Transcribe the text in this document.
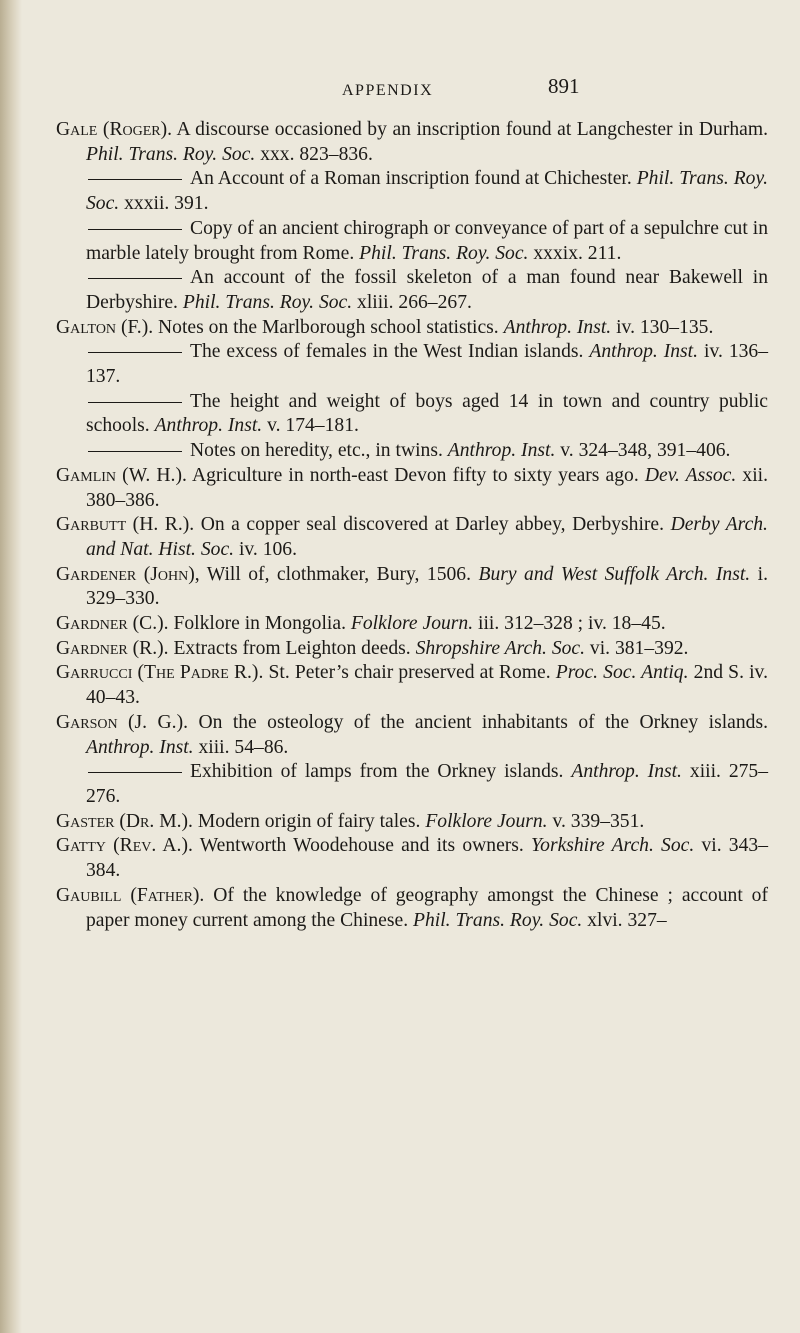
APPENDIX	891

Gale (Roger). A discourse occasioned by an inscription found at Langchester in Durham. Phil. Trans. Roy. Soc. xxx. 823–836.

An Account of a Roman inscription found at Chichester. Phil. Trans. Roy. Soc. xxxii. 391.

Copy of an ancient chirograph or conveyance of part of a sepulchre cut in marble lately brought from Rome. Phil. Trans. Roy. Soc. xxxix. 211.

An account of the fossil skeleton of a man found near Bakewell in Derbyshire. Phil. Trans. Roy. Soc. xliii. 266–267.

Galton (F.). Notes on the Marlborough school statistics. Anthrop. Inst. iv. 130–135.

The excess of females in the West Indian islands. Anthrop. Inst. iv. 136–137.

The height and weight of boys aged 14 in town and country public schools. Anthrop. Inst. v. 174–181.

Notes on heredity, etc., in twins. Anthrop. Inst. v. 324–348, 391–406.

Gamlin (W. H.). Agriculture in north-east Devon fifty to sixty years ago. Dev. Assoc. xii. 380–386.

Garbutt (H. R.). On a copper seal discovered at Darley abbey, Derbyshire. Derby Arch. and Nat. Hist. Soc. iv. 106.

Gardener (John), Will of, clothmaker, Bury, 1506. Bury and West Suffolk Arch. Inst. i. 329–330.

Gardner (C.). Folklore in Mongolia. Folklore Journ. iii. 312–328 ; iv. 18–45.

Gardner (R.). Extracts from Leighton deeds. Shropshire Arch. Soc. vi. 381–392.

Garrucci (The Padre R.). St. Peter’s chair preserved at Rome. Proc. Soc. Antiq. 2nd S. iv. 40–43.

Garson (J. G.). On the osteology of the ancient inhabitants of the Orkney islands. Anthrop. Inst. xiii. 54–86.

Exhibition of lamps from the Orkney islands. Anthrop. Inst. xiii. 275–276.

Gaster (Dr. M.). Modern origin of fairy tales. Folklore Journ. v. 339–351.

Gatty (Rev. A.). Wentworth Woodehouse and its owners. Yorkshire Arch. Soc. vi. 343–384.

Gaubill (Father). Of the knowledge of geography amongst the Chinese ; account of paper money current among the Chinese. Phil. Trans. Roy. Soc. xlvi. 327–
